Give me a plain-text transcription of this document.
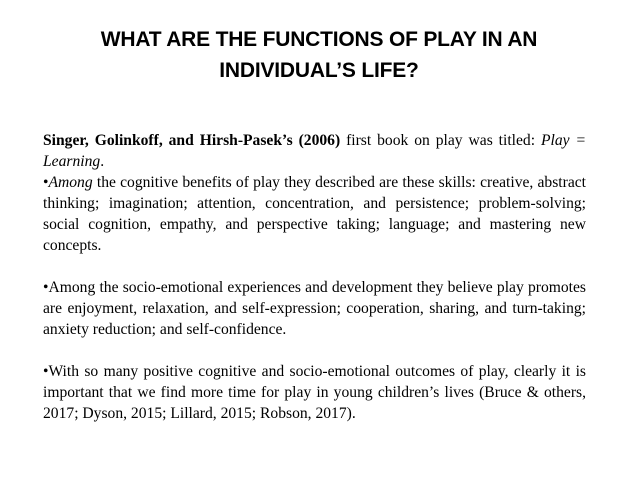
WHAT ARE THE FUNCTIONS OF PLAY IN AN
INDIVIDUAL’S LIFE?

Singer, Golinkoff, and Hirsh-Pasek’s (2006) first book on play was titled: Play = Learning.

•Among the cognitive benefits of play they described are these skills: creative, abstract thinking; imagination; attention, concentration, and persistence; problem-solving; social cognition, empathy, and perspective taking; language; and mastering new concepts.

•Among the socio-emotional experiences and development they believe play promotes are enjoyment, relaxation, and self-expression; cooperation, sharing, and turn-taking; anxiety reduction; and self-confidence.

•With so many positive cognitive and socio-emotional outcomes of play, clearly it is important that we find more time for play in young children’s lives (Bruce & others, 2017; Dyson, 2015; Lillard, 2015; Robson, 2017).
